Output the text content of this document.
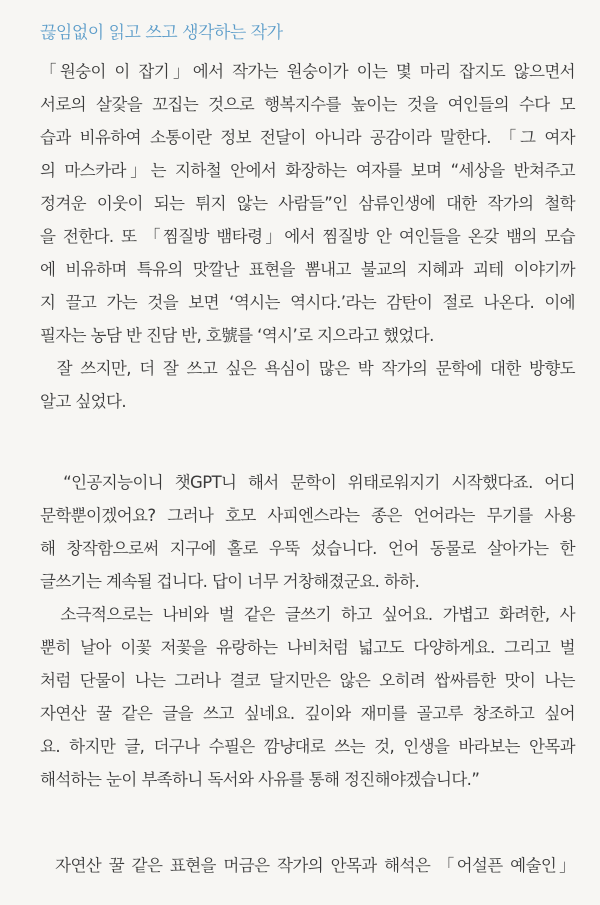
끊임없이 읽고 쓰고 생각하는 작가
「원숭이 이 잡기」에서 작가는 원숭이가 이는 몇 마리 잡지도 않으면서
서로의 살갗을 꼬집는 것으로 행복지수를 높이는 것을 여인들의 수다 모
습과 비유하여 소통이란 정보 전달이 아니라 공감이라 말한다. 「그 여자
의 마스카라」는 지하철 안에서 화장하는 여자를 보며 “세상을 반쳐주고
정겨운 이웃이 되는 튀지 않는 사람들”인 삼류인생에 대한 작가의 철학
을 전한다. 또 「찜질방 뱀타령」에서 찜질방 안 여인들을 온갖 뱀의 모습
에 비유하며 특유의 맛깔난 표현을 뽐내고 불교의 지혜과 괴테 이야기까
지 끌고 가는 것을 보면 ‘역시는 역시다.’라는 감탄이 절로 나온다. 이에
필자는 농담 반 진담 반, 호號를 ‘역시’로 지으라고 했었다.
잘 쓰지만, 더 잘 쓰고 싶은 욕심이 많은 박 작가의 문학에 대한 방향도
알고 싶었다.
“인공지능이니 챗GPT니 해서 문학이 위태로워지기 시작했다죠. 어디
문학뿐이겠어요? 그러나 호모 사피엔스라는 종은 언어라는 무기를 사용
해 창작함으로써 지구에 홀로 우뚝 섰습니다. 언어 동물로 살아가는 한
글쓰기는 계속될 겁니다. 답이 너무 거창해졌군요. 하하.
소극적으로는 나비와 벌 같은 글쓰기 하고 싶어요. 가볍고 화려한, 사
뿐히 날아 이꽃 저꽃을 유랑하는 나비처럼 넓고도 다양하게요. 그리고 벌
처럼 단물이 나는 그러나 결코 달지만은 않은 오히려 쌉싸름한 맛이 나는
자연산 꿀 같은 글을 쓰고 싶네요. 깊이와 재미를 골고루 창조하고 싶어
요. 하지만 글, 더구나 수필은 깜냥대로 쓰는 것, 인생을 바라보는 안목과
해석하는 눈이 부족하니 독서와 사유를 통해 정진해야겠습니다.”
자연산 꿀 같은 표현을 머금은 작가의 안목과 해석은 「어설픈 예술인」
